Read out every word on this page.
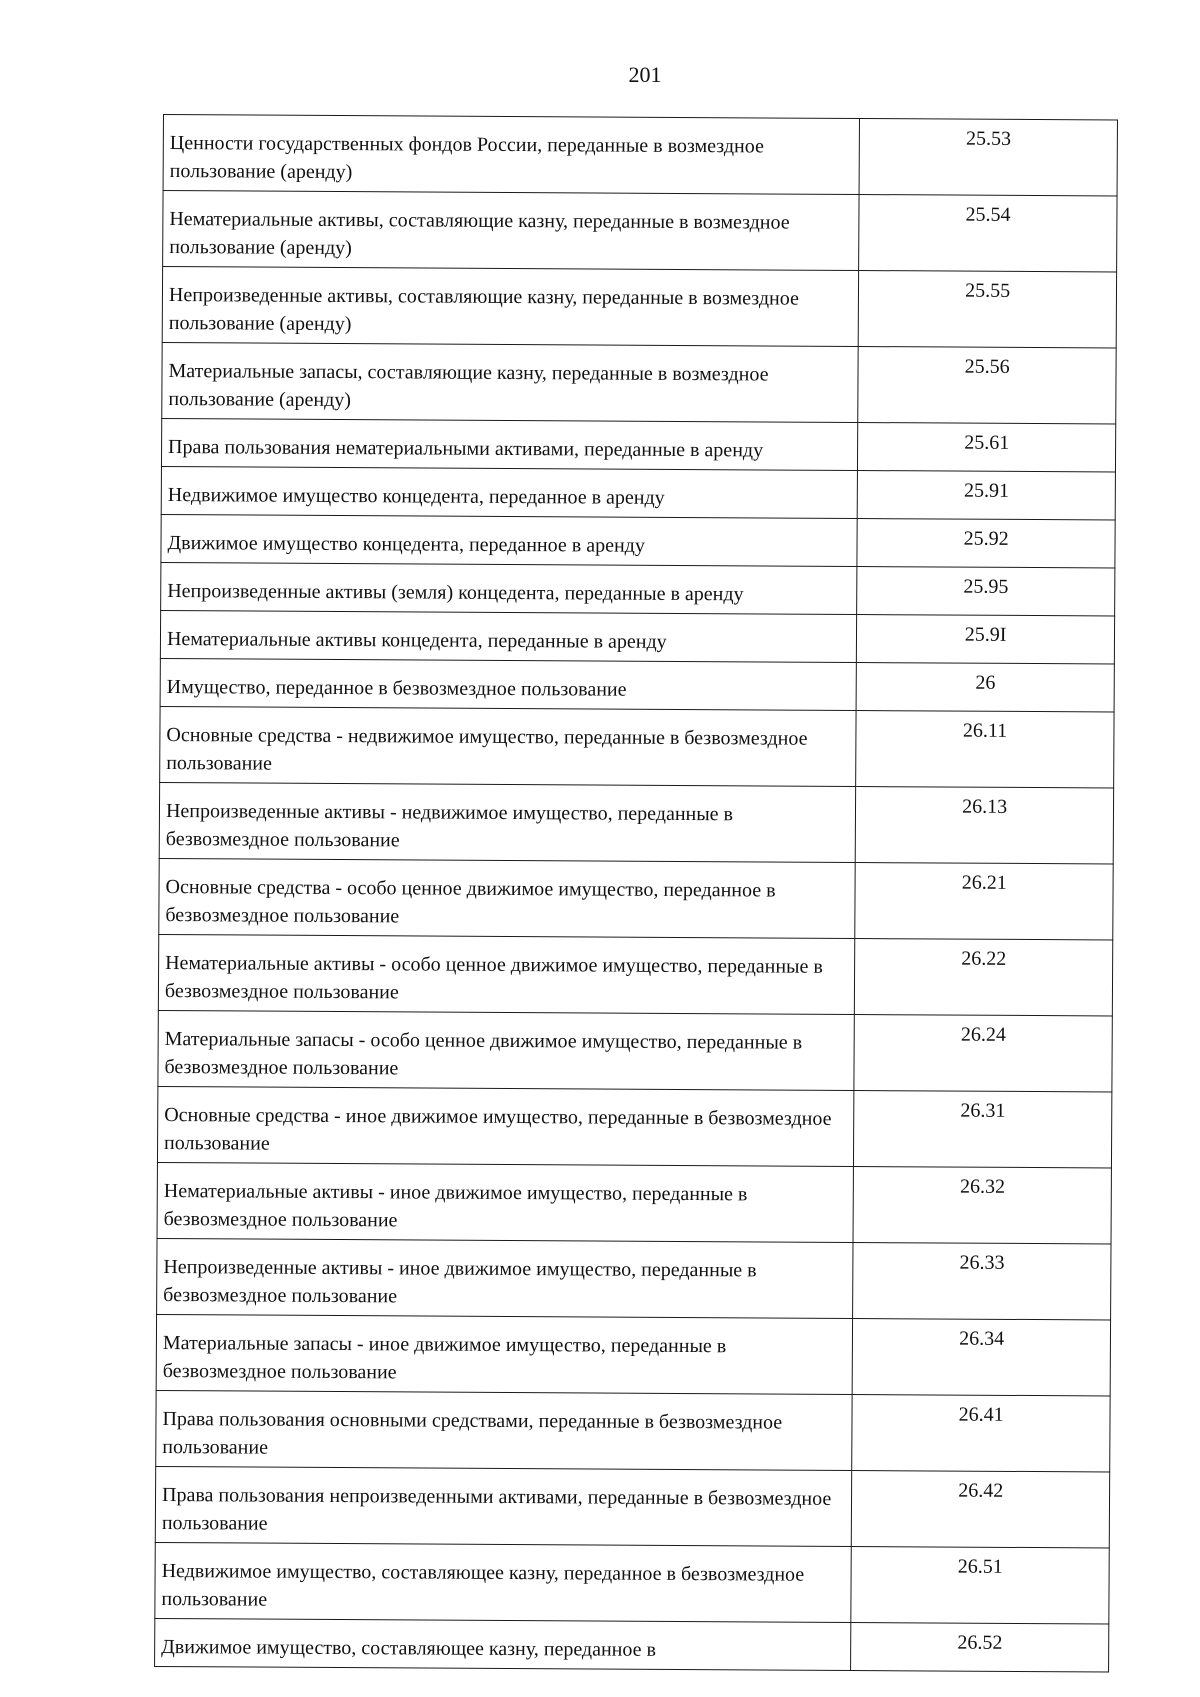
201
Ценности государственных фондов России, переданные в возмездное пользование (аренду)	25.53
Нематериальные активы, составляющие казну, переданные в возмездное пользование (аренду)	25.54
Непроизведенные активы, составляющие казну, переданные в возмездное пользование (аренду)	25.55
Материальные запасы, составляющие казну, переданные в возмездное пользование (аренду)	25.56
Права пользования нематериальными активами, переданные в аренду	25.61
Недвижимое имущество концедента, переданное в аренду	25.91
Движимое имущество концедента, переданное в аренду	25.92
Непроизведенные активы (земля) концедента, переданные в аренду	25.95
Нематериальные активы концедента, переданные в аренду	25.9I
Имущество, переданное в безвозмездное пользование	26
Основные средства - недвижимое имущество, переданные в безвозмездное пользование	26.11
Непроизведенные активы - недвижимое имущество, переданные в безвозмездное пользование	26.13
Основные средства - особо ценное движимое имущество, переданное в безвозмездное пользование	26.21
Нематериальные активы - особо ценное движимое имущество, переданные в безвозмездное пользование	26.22
Материальные запасы - особо ценное движимое имущество, переданные в безвозмездное пользование	26.24
Основные средства - иное движимое имущество, переданные в безвозмездное пользование	26.31
Нематериальные активы - иное движимое имущество, переданные в безвозмездное пользование	26.32
Непроизведенные активы - иное движимое имущество, переданные в безвозмездное пользование	26.33
Материальные запасы - иное движимое имущество, переданные в безвозмездное пользование	26.34
Права пользования основными средствами, переданные в безвозмездное пользование	26.41
Права пользования непроизведенными активами, переданные в безвозмездное пользование	26.42
Недвижимое имущество, составляющее казну, переданное в безвозмездное пользование	26.51
Движимое имущество, составляющее казну, переданное в	26.52
